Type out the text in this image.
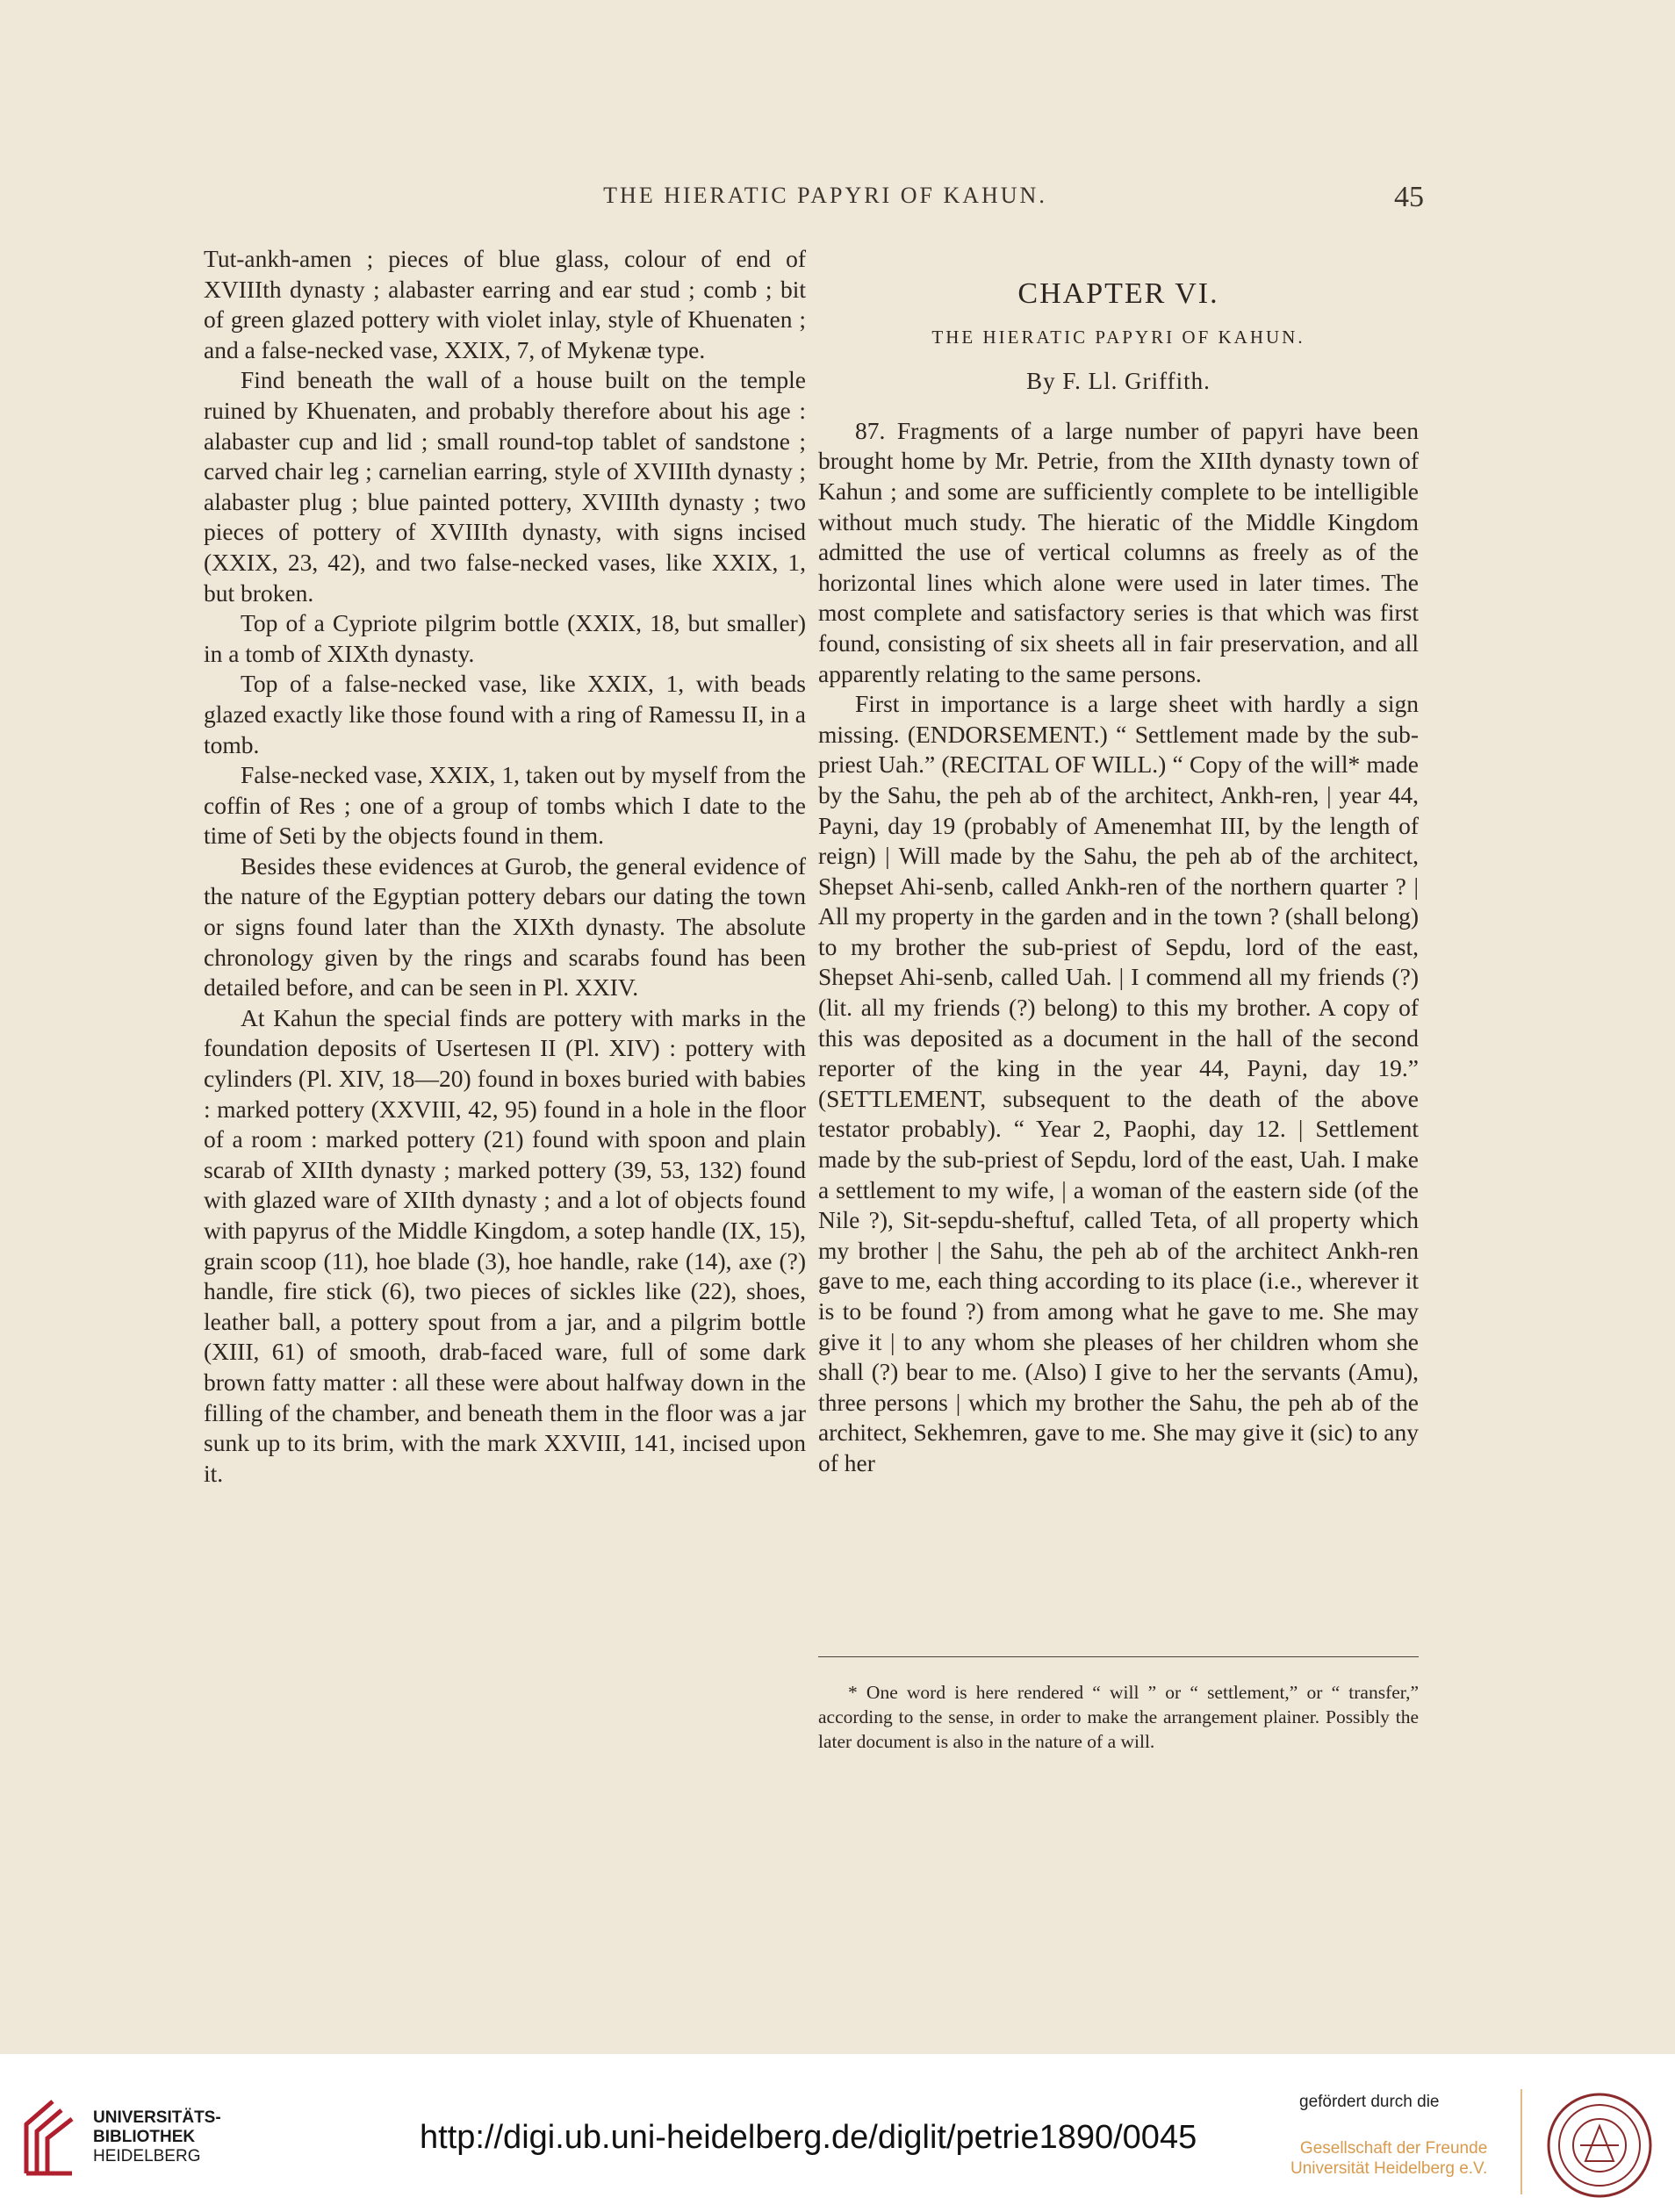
THE HIERATIC PAPYRI OF KAHUN.	45

Tut-ankh-amen ; pieces of blue glass, colour of end of XVIIIth dynasty ; alabaster earring and ear stud ; comb ; bit of green glazed pottery with violet inlay, style of Khuenaten ; and a false-necked vase, XXIX, 7, of Mykenæ type.

Find beneath the wall of a house built on the temple ruined by Khuenaten, and probably therefore about his age : alabaster cup and lid ; small round-top tablet of sandstone ; carved chair leg ; carnelian earring, style of XVIIIth dynasty ; alabaster plug ; blue painted pottery, XVIIIth dynasty ; two pieces of pottery of XVIIIth dynasty, with signs incised (XXIX, 23, 42), and two false-necked vases, like XXIX, 1, but broken.

Top of a Cypriote pilgrim bottle (XXIX, 18, but smaller) in a tomb of XIXth dynasty.

Top of a false-necked vase, like XXIX, 1, with beads glazed exactly like those found with a ring of Ramessu II, in a tomb.

False-necked vase, XXIX, 1, taken out by myself from the coffin of Res ; one of a group of tombs which I date to the time of Seti by the objects found in them.

Besides these evidences at Gurob, the general evidence of the nature of the Egyptian pottery debars our dating the town or signs found later than the XIXth dynasty. The absolute chronology given by the rings and scarabs found has been detailed before, and can be seen in Pl. XXIV.

At Kahun the special finds are pottery with marks in the foundation deposits of Usertesen II (Pl. XIV) : pottery with cylinders (Pl. XIV, 18—20) found in boxes buried with babies : marked pottery (XXVIII, 42, 95) found in a hole in the floor of a room : marked pottery (21) found with spoon and plain scarab of XIIth dynasty ; marked pottery (39, 53, 132) found with glazed ware of XIIth dynasty ; and a lot of objects found with papyrus of the Middle Kingdom, a sotep handle (IX, 15), grain scoop (11), hoe blade (3), hoe handle, rake (14), axe (?) handle, fire stick (6), two pieces of sickles like (22), shoes, leather ball, a pottery spout from a jar, and a pilgrim bottle (XIII, 61) of smooth, drab-faced ware, full of some dark brown fatty matter : all these were about halfway down in the filling of the chamber, and beneath them in the floor was a jar sunk up to its brim, with the mark XXVIII, 141, incised upon it.

CHAPTER VI.
THE HIERATIC PAPYRI OF KAHUN.
By F. Ll. Griffith.

87. Fragments of a large number of papyri have been brought home by Mr. Petrie, from the XIIth dynasty town of Kahun ; and some are sufficiently complete to be intelligible without much study. The hieratic of the Middle Kingdom admitted the use of vertical columns as freely as of the horizontal lines which alone were used in later times. The most complete and satisfactory series is that which was first found, consisting of six sheets all in fair preservation, and all apparently relating to the same persons.

First in importance is a large sheet with hardly a sign missing. (ENDORSEMENT.) “ Settlement made by the sub-priest Uah.” (RECITAL OF WILL.) “ Copy of the will* made by the Sahu, the peh ab of the architect, Ankh-ren, | year 44, Payni, day 19 (probably of Amenemhat III, by the length of reign) | Will made by the Sahu, the peh ab of the architect, Shepset Ahi-senb, called Ankh-ren of the northern quarter ? | All my property in the garden and in the town ? (shall belong) to my brother the sub-priest of Sepdu, lord of the east, Shepset Ahi-senb, called Uah. | I commend all my friends (?) (lit. all my friends (?) belong) to this my brother. A copy of this was deposited as a document in the hall of the second reporter of the king in the year 44, Payni, day 19.” (SETTLEMENT, subsequent to the death of the above testator probably). “ Year 2, Paophi, day 12. | Settlement made by the sub-priest of Sepdu, lord of the east, Uah. I make a settlement to my wife, | a woman of the eastern side (of the Nile ?), Sit-sepdu-sheftuf, called Teta, of all property which my brother | the Sahu, the peh ab of the architect Ankh-ren gave to me, each thing according to its place (i.e., wherever it is to be found ?) from among what he gave to me. She may give it | to any whom she pleases of her children whom she shall (?) bear to me. (Also) I give to her the servants (Amu), three persons | which my brother the Sahu, the peh ab of the architect, Sekhemren, gave to me. She may give it (sic) to any of her

* One word is here rendered “ will ” or “ settlement,” or “ transfer,” according to the sense, in order to make the arrangement plainer. Possibly the later document is also in the nature of a will.
UNIVERSITÄTS-
BIBLIOTHEK
HEIDELBERG
http://digi.ub.uni-heidelberg.de/diglit/petrie1890/0045
gefördert durch die
Gesellschaft der Freunde
Universität Heidelberg e.V.
